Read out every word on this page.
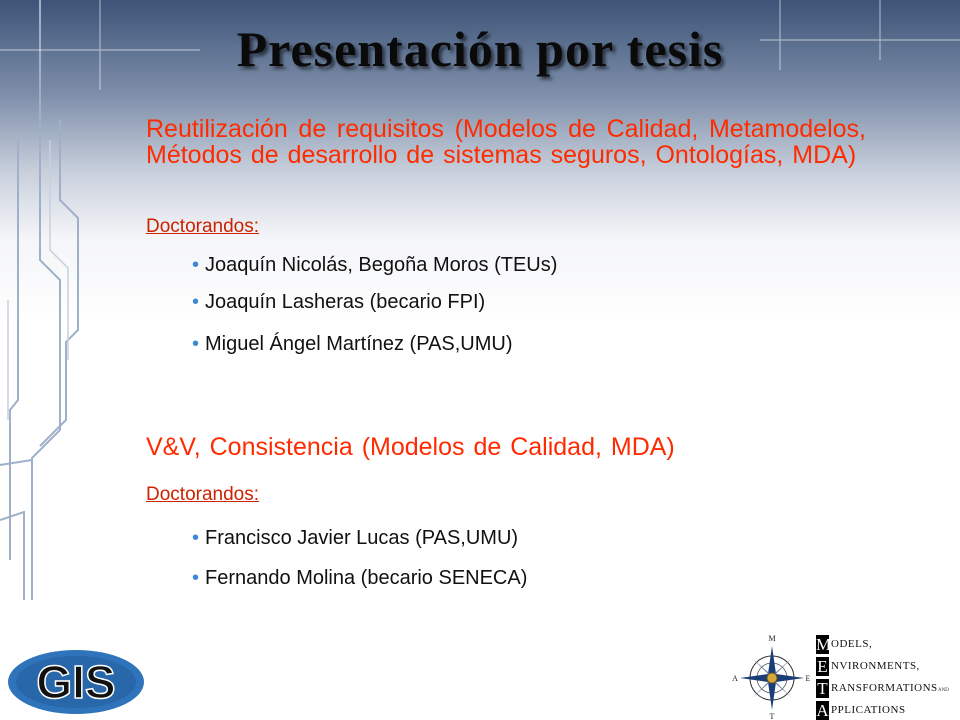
Presentación por tesis

Reutilización de requisitos (Modelos de Calidad, Metamodelos, Métodos de desarrollo de sistemas seguros, Ontologías, MDA)

Doctorandos:

• Joaquín Nicolás, Begoña Moros (TEUs)

• Joaquín Lasheras (becario FPI)

• Miguel Ángel Martínez (PAS,UMU)

V&V, Consistencia (Modelos de Calidad, MDA)

Doctorandos:

• Francisco Javier Lucas (PAS,UMU)

• Fernando Molina (becario SENECA)

GIS
M
A	E
T
M ODELS,
E NVIRONMENTS,
T RANSFORMATIONS AND
A PPLICATIONS
